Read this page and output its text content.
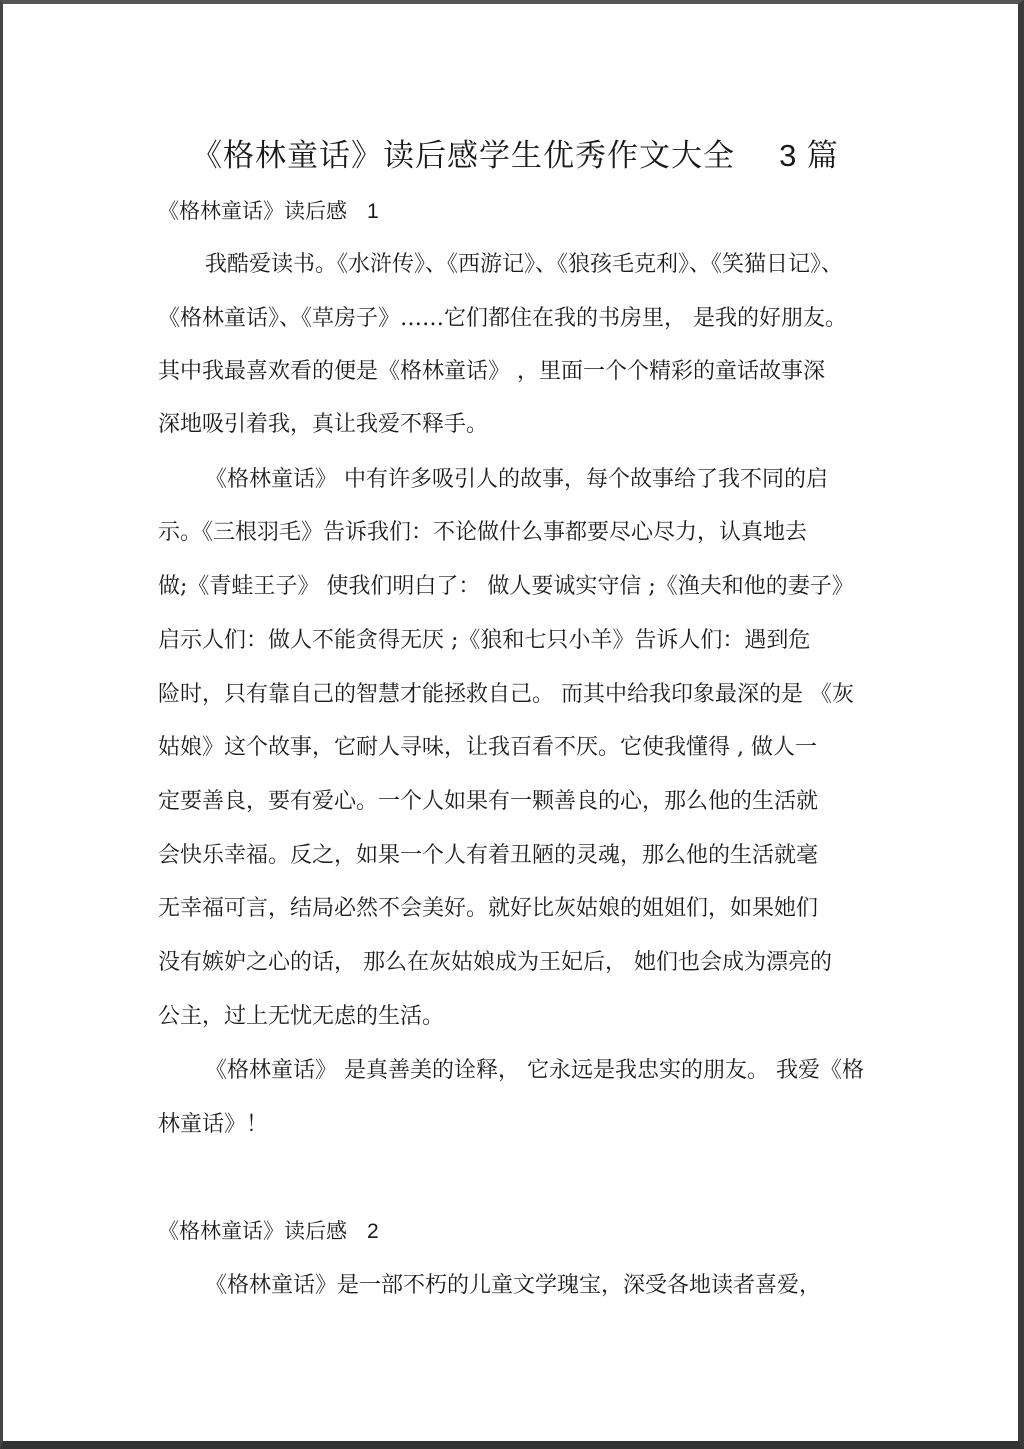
《格林童话》读后感学生优秀作文大全 3 篇
《格林童话》读后感 1
我酷爱读书。《水浒传》、《西游记》、《狼孩毛克利》、《笑猫日记》、
《格林童话》、《草房子》……它们都住在我的书房里， 是我的好朋友。
其中我最喜欢看的便是《格林童话》 ，里面一个个精彩的童话故事深
深地吸引着我，真让我爱不释手。
《格林童话》 中有许多吸引人的故事，每个故事给了我不同的启
示。《三根羽毛》告诉我们：不论做什么事都要尽心尽力，认真地去
做;《青蛙王子》 使我们明白了： 做人要诚实守信 ;《渔夫和他的妻子》
启示人们：做人不能贪得无厌 ;《狼和七只小羊》告诉人们：遇到危
险时，只有靠自己的智慧才能拯救自己。 而其中给我印象最深的是 《灰
姑娘》这个故事，它耐人寻味，让我百看不厌。它使我懂得 , 做人一
定要善良，要有爱心。一个人如果有一颗善良的心，那么他的生活就
会快乐幸福。反之，如果一个人有着丑陋的灵魂，那么他的生活就毫
无幸福可言，结局必然不会美好。就好比灰姑娘的姐姐们，如果她们
没有嫉妒之心的话， 那么在灰姑娘成为王妃后， 她们也会成为漂亮的
公主，过上无忧无虑的生活。
《格林童话》 是真善美的诠释， 它永远是我忠实的朋友。 我爱《格
林童话》！
《格林童话》读后感 2
《格林童话》是一部不朽的儿童文学瑰宝，深受各地读者喜爱，
